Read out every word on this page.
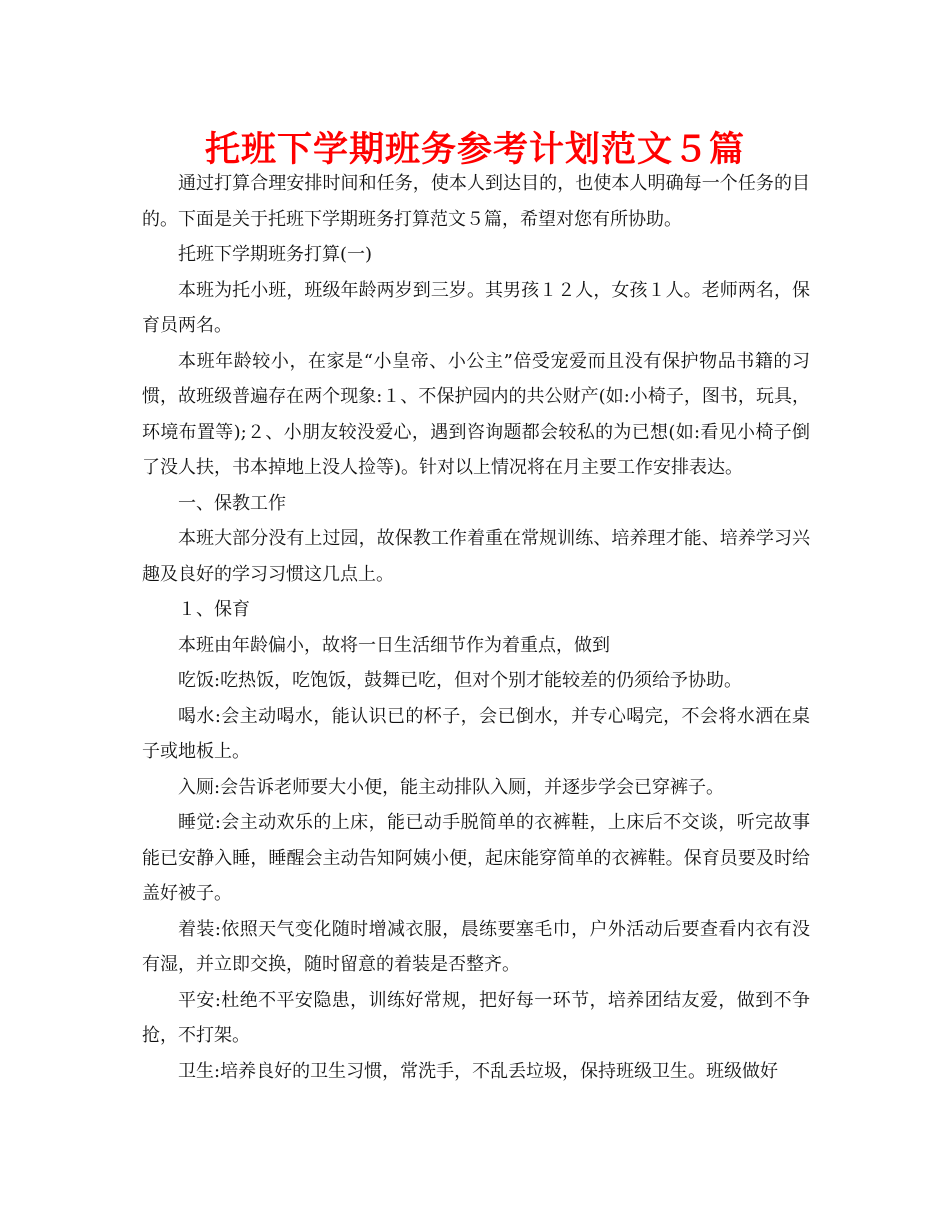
托班下学期班务参考计划范文５篇

通过打算合理安排时间和任务，使本人到达目的，也使本人明确每一个任务的目的。下面是关于托班下学期班务打算范文５篇，希望对您有所协助。

托班下学期班务打算(一)

本班为托小班，班级年龄两岁到三岁。其男孩１２人，女孩１人。老师两名，保育员两名。

本班年龄较小，在家是“小皇帝、小公主”倍受宠爱而且没有保护物品书籍的习惯，故班级普遍存在两个现象:１、不保护园内的共公财产(如:小椅子，图书，玩具，环境布置等);２、小朋友较没爱心，遇到咨询题都会较私的为已想(如:看见小椅子倒了没人扶，书本掉地上没人捡等)。针对以上情况将在月主要工作安排表达。

一、保教工作

本班大部分没有上过园，故保教工作着重在常规训练、培养理才能、培养学习兴趣及良好的学习习惯这几点上。

１、保育

本班由年龄偏小，故将一日生活细节作为着重点，做到

吃饭:吃热饭，吃饱饭，鼓舞已吃，但对个别才能较差的仍须给予协助。

喝水:会主动喝水，能认识已的杯子，会已倒水，并专心喝完，不会将水洒在桌子或地板上。

入厕:会告诉老师要大小便，能主动排队入厕，并逐步学会已穿裤子。

睡觉:会主动欢乐的上床，能已动手脱简单的衣裤鞋，上床后不交谈，听完故事能已安静入睡，睡醒会主动告知阿姨小便，起床能穿简单的衣裤鞋。保育员要及时给盖好被子。

着装:依照天气变化随时增减衣服，晨练要塞毛巾，户外活动后要查看内衣有没有湿，并立即交换，随时留意的着装是否整齐。

平安:杜绝不平安隐患，训练好常规，把好每一环节，培养团结友爱，做到不争抢，不打架。

卫生:培养良好的卫生习惯，常洗手，不乱丢垃圾，保持班级卫生。班级做好
